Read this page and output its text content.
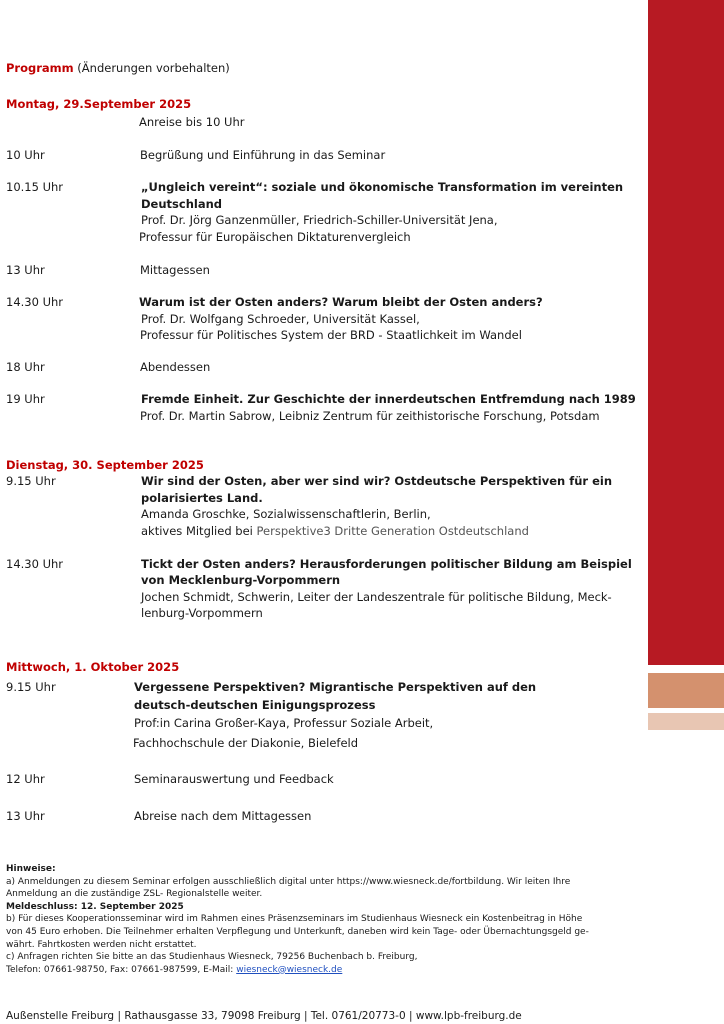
Programm (Änderungen vorbehalten)
Montag, 29.September 2025
Anreise bis 10 Uhr
10 Uhr	Begrüßung und Einführung in das Seminar
10.15 Uhr	„Ungleich vereint“: soziale und ökonomische Transformation im vereinten
Deutschland
Prof. Dr. Jörg Ganzenmüller, Friedrich-Schiller-Universität Jena,
Professur für Europäischen Diktaturenvergleich
13 Uhr	Mittagessen
14.30 Uhr	Warum ist der Osten anders? Warum bleibt der Osten anders?
Prof. Dr. Wolfgang Schroeder, Universität Kassel,
Professur für Politisches System der BRD - Staatlichkeit im Wandel
18 Uhr	Abendessen
19 Uhr	Fremde Einheit. Zur Geschichte der innerdeutschen Entfremdung nach 1989
Prof. Dr. Martin Sabrow, Leibniz Zentrum für zeithistorische Forschung, Potsdam
Dienstag, 30. September 2025
9.15 Uhr	Wir sind der Osten, aber wer sind wir? Ostdeutsche Perspektiven für ein
polarisiertes Land.
Amanda Groschke, Sozialwissenschaftlerin, Berlin,
aktives Mitglied bei Perspektive3 Dritte Generation Ostdeutschland
14.30 Uhr	Tickt der Osten anders? Herausforderungen politischer Bildung am Beispiel
von Mecklenburg-Vorpommern
Jochen Schmidt, Schwerin, Leiter der Landeszentrale für politische Bildung, Meck-
lenburg-Vorpommern
Mittwoch, 1. Oktober 2025
9.15 Uhr	Vergessene Perspektiven? Migrantische Perspektiven auf den
deutsch-deutschen Einigungsprozess
Prof:in Carina Großer-Kaya, Professur Soziale Arbeit,
Fachhochschule der Diakonie, Bielefeld
12 Uhr	Seminarauswertung und Feedback
13 Uhr	Abreise nach dem Mittagessen
Hinweise:
a) Anmeldungen zu diesem Seminar erfolgen ausschließlich digital unter https://www.wiesneck.de/fortbildung. Wir leiten Ihre
Anmeldung an die zuständige ZSL- Regionalstelle weiter.
Meldeschluss: 12. September 2025
b) Für dieses Kooperationsseminar wird im Rahmen eines Präsenzseminars im Studienhaus Wiesneck ein Kostenbeitrag in Höhe
von 45 Euro erhoben. Die Teilnehmer erhalten Verpflegung und Unterkunft, daneben wird kein Tage- oder Übernachtungsgeld ge-
währt. Fahrtkosten werden nicht erstattet.
c) Anfragen richten Sie bitte an das Studienhaus Wiesneck, 79256 Buchenbach b. Freiburg,
Telefon: 07661-98750, Fax: 07661-987599, E-Mail: wiesneck@wiesneck.de
Außenstelle Freiburg | Rathausgasse 33, 79098 Freiburg | Tel. 0761/20773-0 | www.lpb-freiburg.de
